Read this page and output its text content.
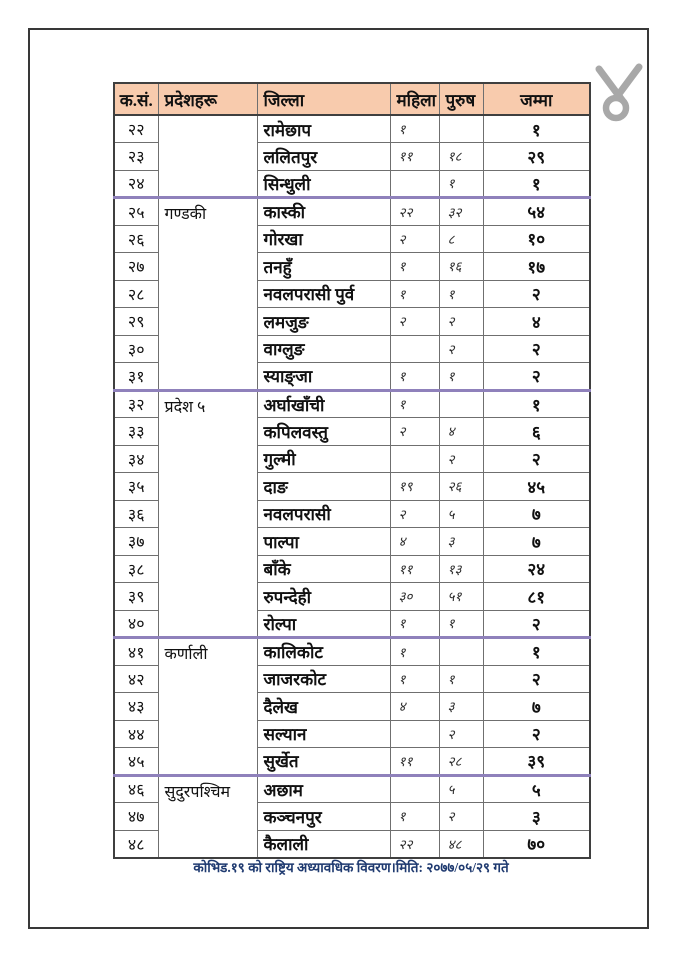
क.सं.	प्रदेशहरू	जिल्ला	महिला	पुरुष	जम्मा
२२		रामेछाप	१		१
२३		ललितपुर	११	१८	२९
२४		सिन्धुली		१	१
२५	गण्डकी	कास्की	२२	३२	५४
२६		गोरखा	२	८	१०
२७		तनहुँ	१	१६	१७
२८		नवलपरासी पुर्व	१	१	२
२९		लमजुङ	२	२	४
३०		वाग्लुङ		२	२
३१		स्याङ्जा	१	१	२
३२	प्रदेश ५	अर्घाखाँची	१		१
३३		कपिलवस्तु	२	४	६
३४		गुल्मी		२	२
३५		दाङ	१९	२६	४५
३६		नवलपरासी	२	५	७
३७		पाल्पा	४	३	७
३८		बाँके	११	१३	२४
३९		रुपन्देही	३०	५१	८१
४०		रोल्पा	१	१	२
४१	कर्णाली	कालिकोट	१		१
४२		जाजरकोट	१	१	२
४३		दैलेख	४	३	७
४४		सल्यान		२	२
४५		सुर्खेत	११	२८	३९
४६	सुदुरपश्चिम	अछाम		५	५
४७		कञ्चनपुर	१	२	३
४८		कैलाली	२२	४८	७०
कोभिड.१९ को राष्ट्रिय अध्यावधिक विवरण।मिति: २०७७/०५/२९ गते
